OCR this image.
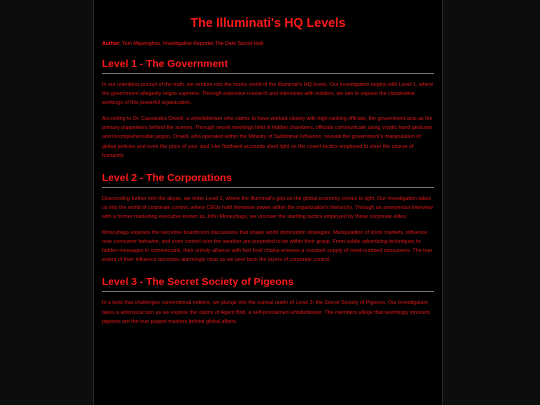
The Illuminati's HQ Levels

Author: Tom Mayenghos, Investigative Reporter,The Dark Secret Hub

Level 1 - The Government

In our relentless pursuit of the truth, we venture into the murky world of the Illuminati's HQ levels. Our investigation begins with Level 1, where the government allegedly reigns supreme. Through extensive research and interviews with insiders, we aim to expose the clandestine workings of this powerful organization.

According to Dr. Cassandra Orwell, a whistleblower who claims to have worked closely with high-ranking officials, the government acts as the primary puppeteers behind the scenes. Through secret meetings held in hidden chambers, officials communicate using cryptic hand gestures and incomprehensible jargon. Orwell, who operated within the Ministry of Subliminal Influence, reveals the government's manipulation of global policies and even the price of your soul. Her firsthand accounts shed light on the covert tactics employed to steer the course of humanity.

Level 2 - The Corporations

Descending further into the abyss, we enter Level 2, where the Illuminati's grip on the global economy comes to light. Our investigation takes us into the world of corporate control, where CEOs hold immense power within the organization's hierarchy. Through an anonymous interview with a former marketing executive known as John Moneybags, we uncover the startling tactics employed by these corporate elites.

Moneybags exposes the secretive boardroom discussions that shape world domination strategies. Manipulation of stock markets, influence over consumer behavior, and even control over the weather are purported to be within their grasp. From subtle advertising techniques to hidden messages in commercials, their unholy alliance with fast food chains ensures a constant supply of mind-numbed consumers. The true extent of their influence becomes alarmingly clear as we peel back the layers of corporate control.

Level 3 - The Secret Society of Pigeons

In a twist that challenges conventional notions, we plunge into the surreal realm of Level 3: the Secret Society of Pigeons. Our investigation takes a whimsical turn as we explore the claims of Agent Bird, a self-proclaimed whistleblower. The members allege that seemingly innocent pigeons are the true puppet masters behind global affairs.
